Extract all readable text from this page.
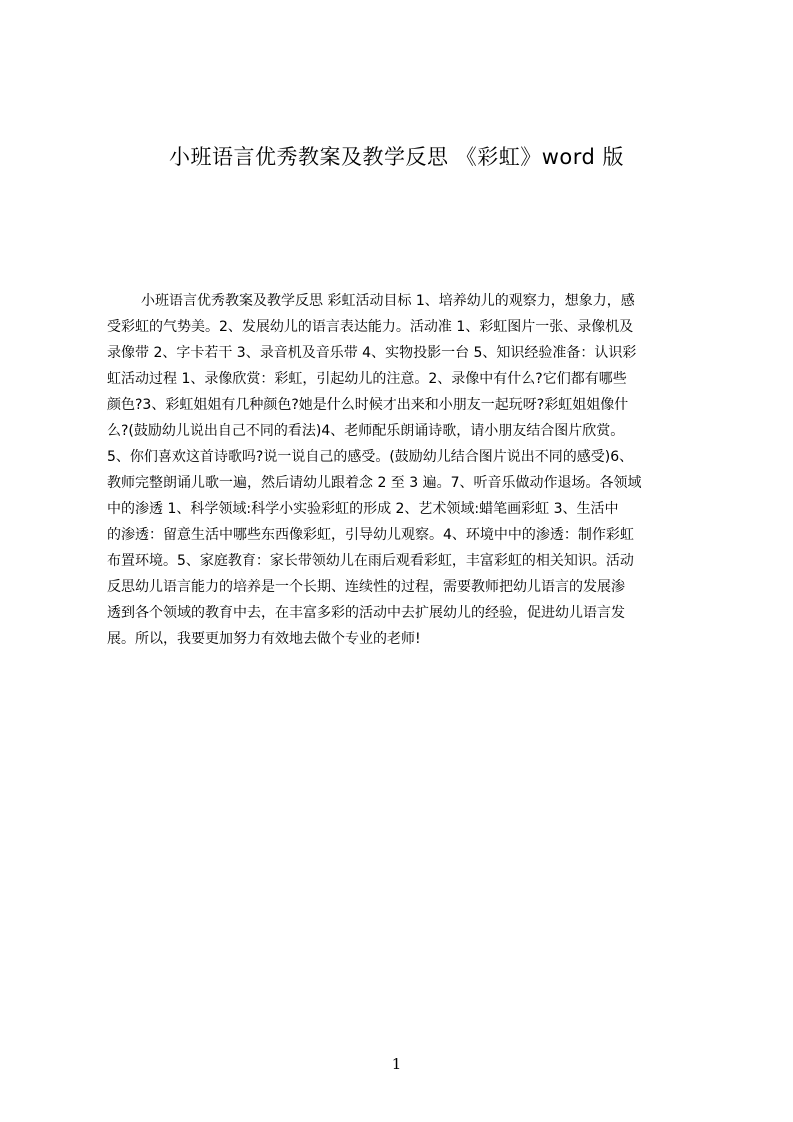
小班语言优秀教案及教学反思 《彩虹》word 版
小班语言优秀教案及教学反思 彩虹活动目标 1、培养幼儿的观察力，想象力，感
受彩虹的气势美。2、发展幼儿的语言表达能力。活动准 1、彩虹图片一张、录像机及
录像带 2、字卡若干 3、录音机及音乐带 4、实物投影一台 5、知识经验准备：认识彩
虹活动过程 1、录像欣赏：彩虹，引起幼儿的注意。2、录像中有什么?它们都有哪些
颜色?3、彩虹姐姐有几种颜色?她是什么时候才出来和小朋友一起玩呀?彩虹姐姐像什
么?(鼓励幼儿说出自己不同的看法)4、老师配乐朗诵诗歌，请小朋友结合图片欣赏。
5、你们喜欢这首诗歌吗?说一说自己的感受。(鼓励幼儿结合图片说出不同的感受)6、
教师完整朗诵儿歌一遍，然后请幼儿跟着念 2 至 3 遍。7、听音乐做动作退场。各领域
中的渗透 1、科学领域:科学小实验彩虹的形成 2、艺术领域:蜡笔画彩虹 3、生活中
的渗透：留意生活中哪些东西像彩虹，引导幼儿观察。4、环境中中的渗透：制作彩虹
布置环境。5、家庭教育：家长带领幼儿在雨后观看彩虹，丰富彩虹的相关知识。活动
反思幼儿语言能力的培养是一个长期、连续性的过程，需要教师把幼儿语言的发展渗
透到各个领域的教育中去，在丰富多彩的活动中去扩展幼儿的经验，促进幼儿语言发
展。所以，我要更加努力有效地去做个专业的老师!
1
